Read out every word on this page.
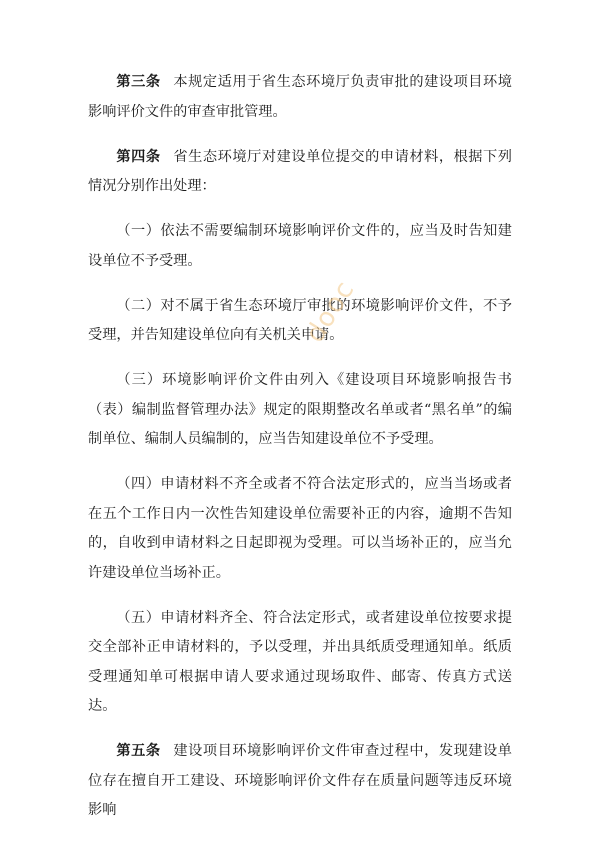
第三条 本规定适用于省生态环境厅负责审批的建设项目环境影响评价文件的审查审批管理。

第四条 省生态环境厅对建设单位提交的申请材料，根据下列情况分别作出处理：

（一）依法不需要编制环境影响评价文件的，应当及时告知建设单位不予受理。

（二）对不属于省生态环境厅审批的环境影响评价文件，不予受理，并告知建设单位向有关机关申请。

（三）环境影响评价文件由列入《建设项目环境影响报告书（表）编制监督管理办法》规定的限期整改名单或者“黑名单”的编制单位、编制人员编制的，应当告知建设单位不予受理。

（四）申请材料不齐全或者不符合法定形式的，应当当场或者在五个工作日内一次性告知建设单位需要补正的内容，逾期不告知的，自收到申请材料之日起即视为受理。可以当场补正的，应当允许建设单位当场补正。

（五）申请材料齐全、符合法定形式，或者建设单位按要求提交全部补正申请材料的，予以受理，并出具纸质受理通知单。纸质受理通知单可根据申请人要求通过现场取件、邮寄、传真方式送达。

第五条 建设项目环境影响评价文件审查过程中，发现建设单位存在擅自开工建设、环境影响评价文件存在质量问题等违反环境影响

dooc
